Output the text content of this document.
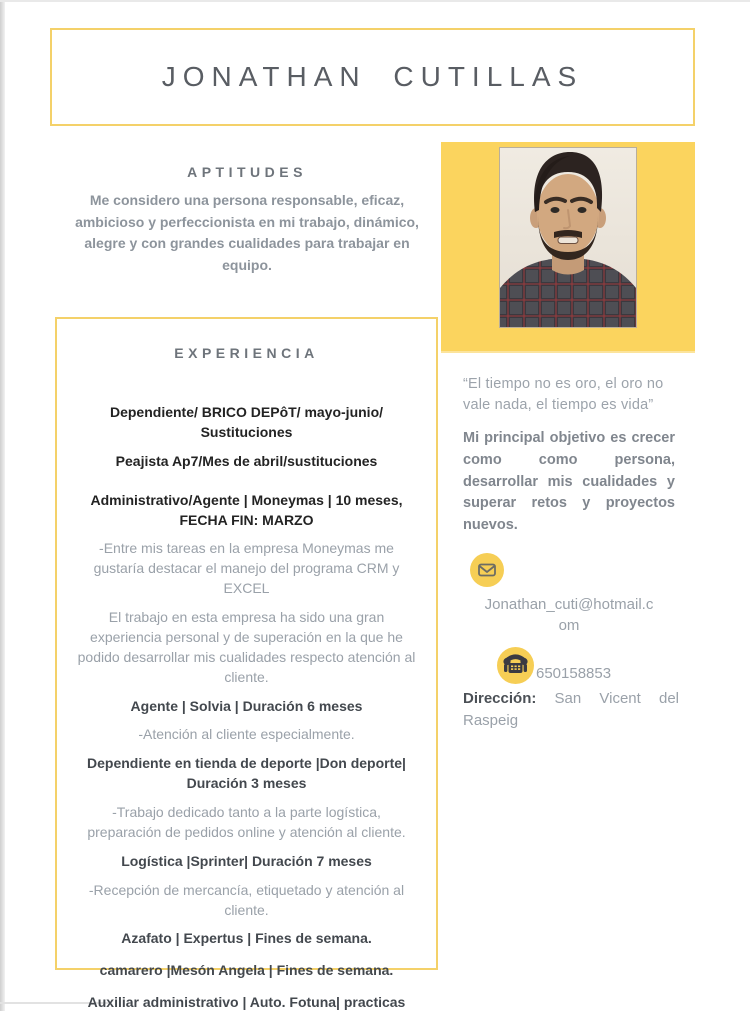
JONATHAN CUTILLAS
APTITUDES
Me considero una persona responsable, eficaz, ambicioso y perfeccionista en mi trabajo, dinámico, alegre y con grandes cualidades para trabajar en equipo.
EXPERIENCIA
Dependiente/ BRICO DEPôT/ mayo-junio/ Sustituciones
Peajista Ap7/Mes de abril/sustituciones
Administrativo/Agente | Moneymas | 10 meses, FECHA FIN: MARZO
-Entre mis tareas en la empresa Moneymas me gustaría destacar el manejo del programa CRM y EXCEL
El trabajo en esta empresa ha sido una gran experiencia personal y de superación en la que he podido desarrollar mis cualidades respecto atención al cliente.
Agente | Solvia | Duración 6 meses
-Atención al cliente especialmente.
Dependiente en tienda de deporte |Don deporte| Duración 3 meses
-Trabajo dedicado tanto a la parte logística, preparación de pedidos online y atención al cliente.
Logística |Sprinter| Duración 7 meses
-Recepción de mercancía, etiquetado y atención al cliente.
Azafato | Expertus | Fines de semana.
camarero |Mesón Angela | Fines de semana.
Auxiliar administrativo | Auto. Fotuna| practicas
“El tiempo no es oro, el oro no vale nada, el tiempo es vida”
Mi principal objetivo es crecer como como persona, desarrollar mis cualidades y superar retos y proyectos nuevos.
Jonathan_cuti@hotmail.com
650158853
Dirección: San Vicent del Raspeig
